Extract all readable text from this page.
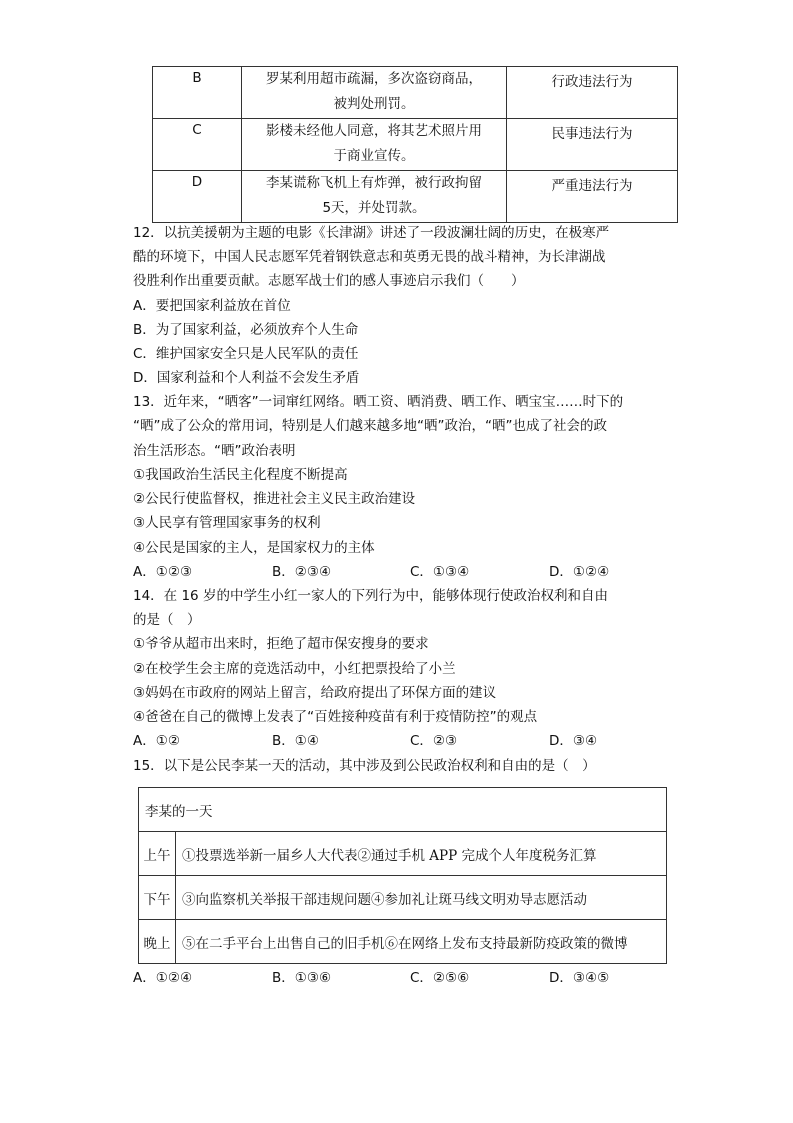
B	罗某利用超市疏漏，多次盗窃商品，
被判处刑罚。	行政违法行为
C	影楼未经他人同意，将其艺术照片用
于商业宣传。	民事违法行为
D	李某谎称飞机上有炸弹，被行政拘留
5天，并处罚款。	严重违法行为
12．以抗美援朝为主题的电影《长津湖》讲述了一段波澜壮阔的历史，在极寒严
酷的环境下，中国人民志愿军凭着钢铁意志和英勇无畏的战斗精神，为长津湖战
役胜利作出重要贡献。志愿军战士们的感人事迹启示我们（　　）
A．要把国家利益放在首位
B．为了国家利益，必须放弃个人生命
C．维护国家安全只是人民军队的责任
D．国家利益和个人利益不会发生矛盾
13．近年来，“晒客”一词窜红网络。晒工资、晒消费、晒工作、晒宝宝……时下的
“晒”成了公众的常用词，特别是人们越来越多地“晒”政治，“晒”也成了社会的政
治生活形态。“晒”政治表明
①我国政治生活民主化程度不断提高
②公民行使监督权，推进社会主义民主政治建设
③人民享有管理国家事务的权利
④公民是国家的主人，是国家权力的主体
A．①②③	B．②③④	C．①③④	D．①②④
14．在 16 岁的中学生小红一家人的下列行为中，能够体现行使政治权利和自由
的是（　）
①爷爷从超市出来时，拒绝了超市保安搜身的要求
②在校学生会主席的竞选活动中，小红把票投给了小兰
③妈妈在市政府的网站上留言，给政府提出了环保方面的建议
④爸爸在自己的微博上发表了“百姓接种疫苗有利于疫情防控”的观点
A．①②	B．①④	C．②③	D．③④
15．以下是公民李某一天的活动，其中涉及到公民政治权利和自由的是（　）
李某的一天	
上午	①投票选举新一届乡人大代表②通过手机 APP 完成个人年度税务汇算
下午	③向监察机关举报干部违规问题④参加礼让斑马线文明劝导志愿活动
晚上	⑤在二手平台上出售自己的旧手机⑥在网络上发布支持最新防疫政策的微博
A．①②④	B．①③⑥	C．②⑤⑥	D．③④⑤
